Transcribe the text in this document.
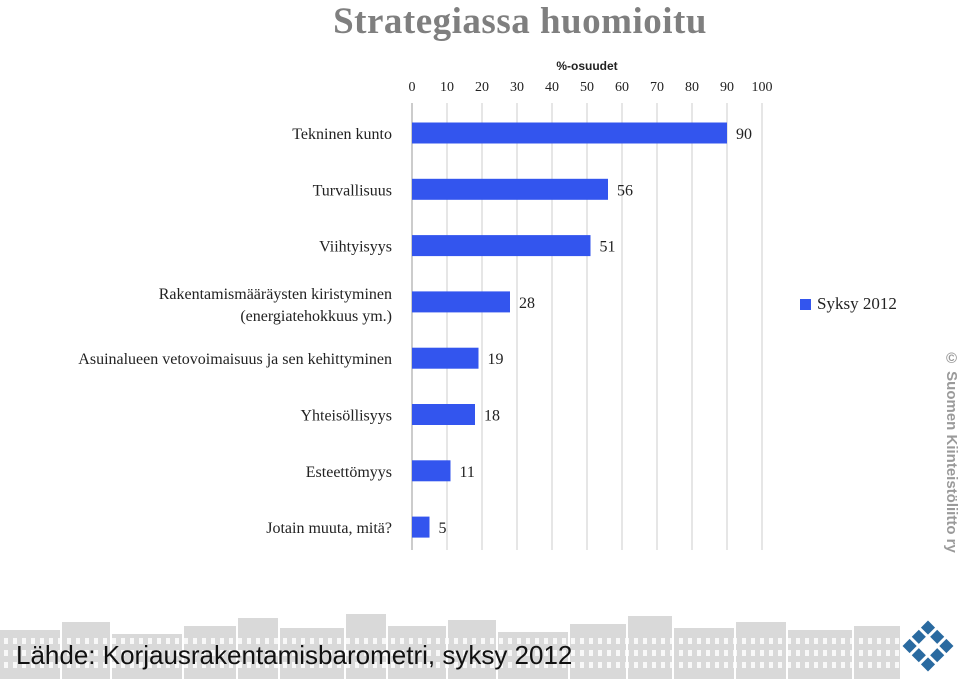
Strategiassa huomioitu
0 10 20 30 40 50 60 70 80 90 100
%-osuudet
90
56
51
28
19
18
11
5
Tekninen kunto
Turvallisuus
Viihtyisyys
Rakentamismääräysten kiristyminen (energiatehokkuus ym.)
Asuinalueen vetovoimaisuus ja sen kehittyminen
Yhteisöllisyys
Esteettömyys
Jotain muuta, mitä?
Syksy 2012
© Suomen Kiinteistöliitto ry
Lähde: Korjausrakentamisbarometri, syksy 2012
